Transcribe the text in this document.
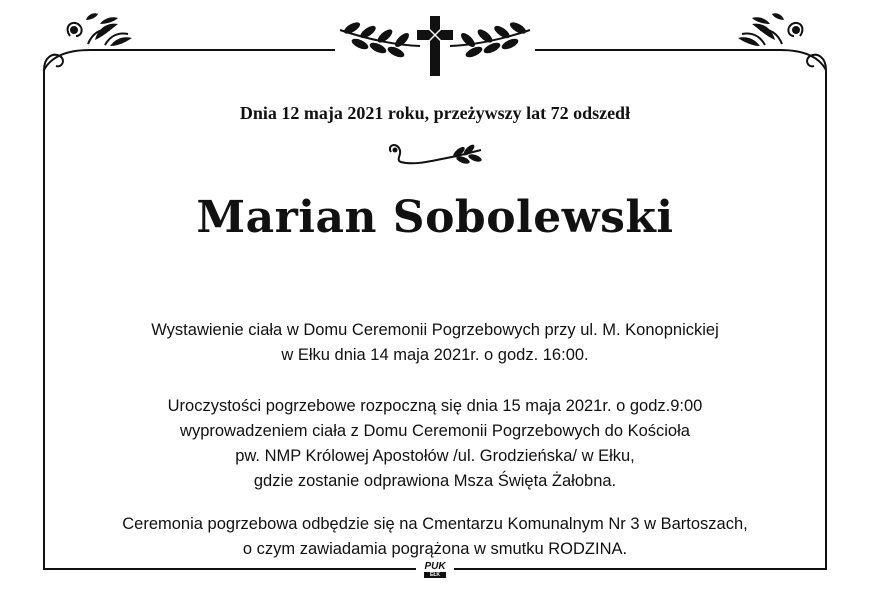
Dnia 12 maja 2021 roku, przeżywszy lat 72 odszedł
Marian Sobolewski
Wystawienie ciała w Domu Ceremonii Pogrzebowych przy ul. M. Konopnickiej
w Ełku dnia 14 maja 2021r. o godz. 16:00.
Uroczystości pogrzebowe rozpoczną się dnia 15 maja 2021r. o godz.9:00
wyprowadzeniem ciała z Domu Ceremonii Pogrzebowych do Kościoła
pw. NMP Królowej Apostołów /ul. Grodzieńska/ w Ełku,
gdzie zostanie odprawiona Msza Święta Żałobna.
Ceremonia pogrzebowa odbędzie się na Cmentarzu Komunalnym Nr 3 w Bartoszach,
o czym zawiadamia pogrążona w smutku RODZINA.
PUK
EŁK
